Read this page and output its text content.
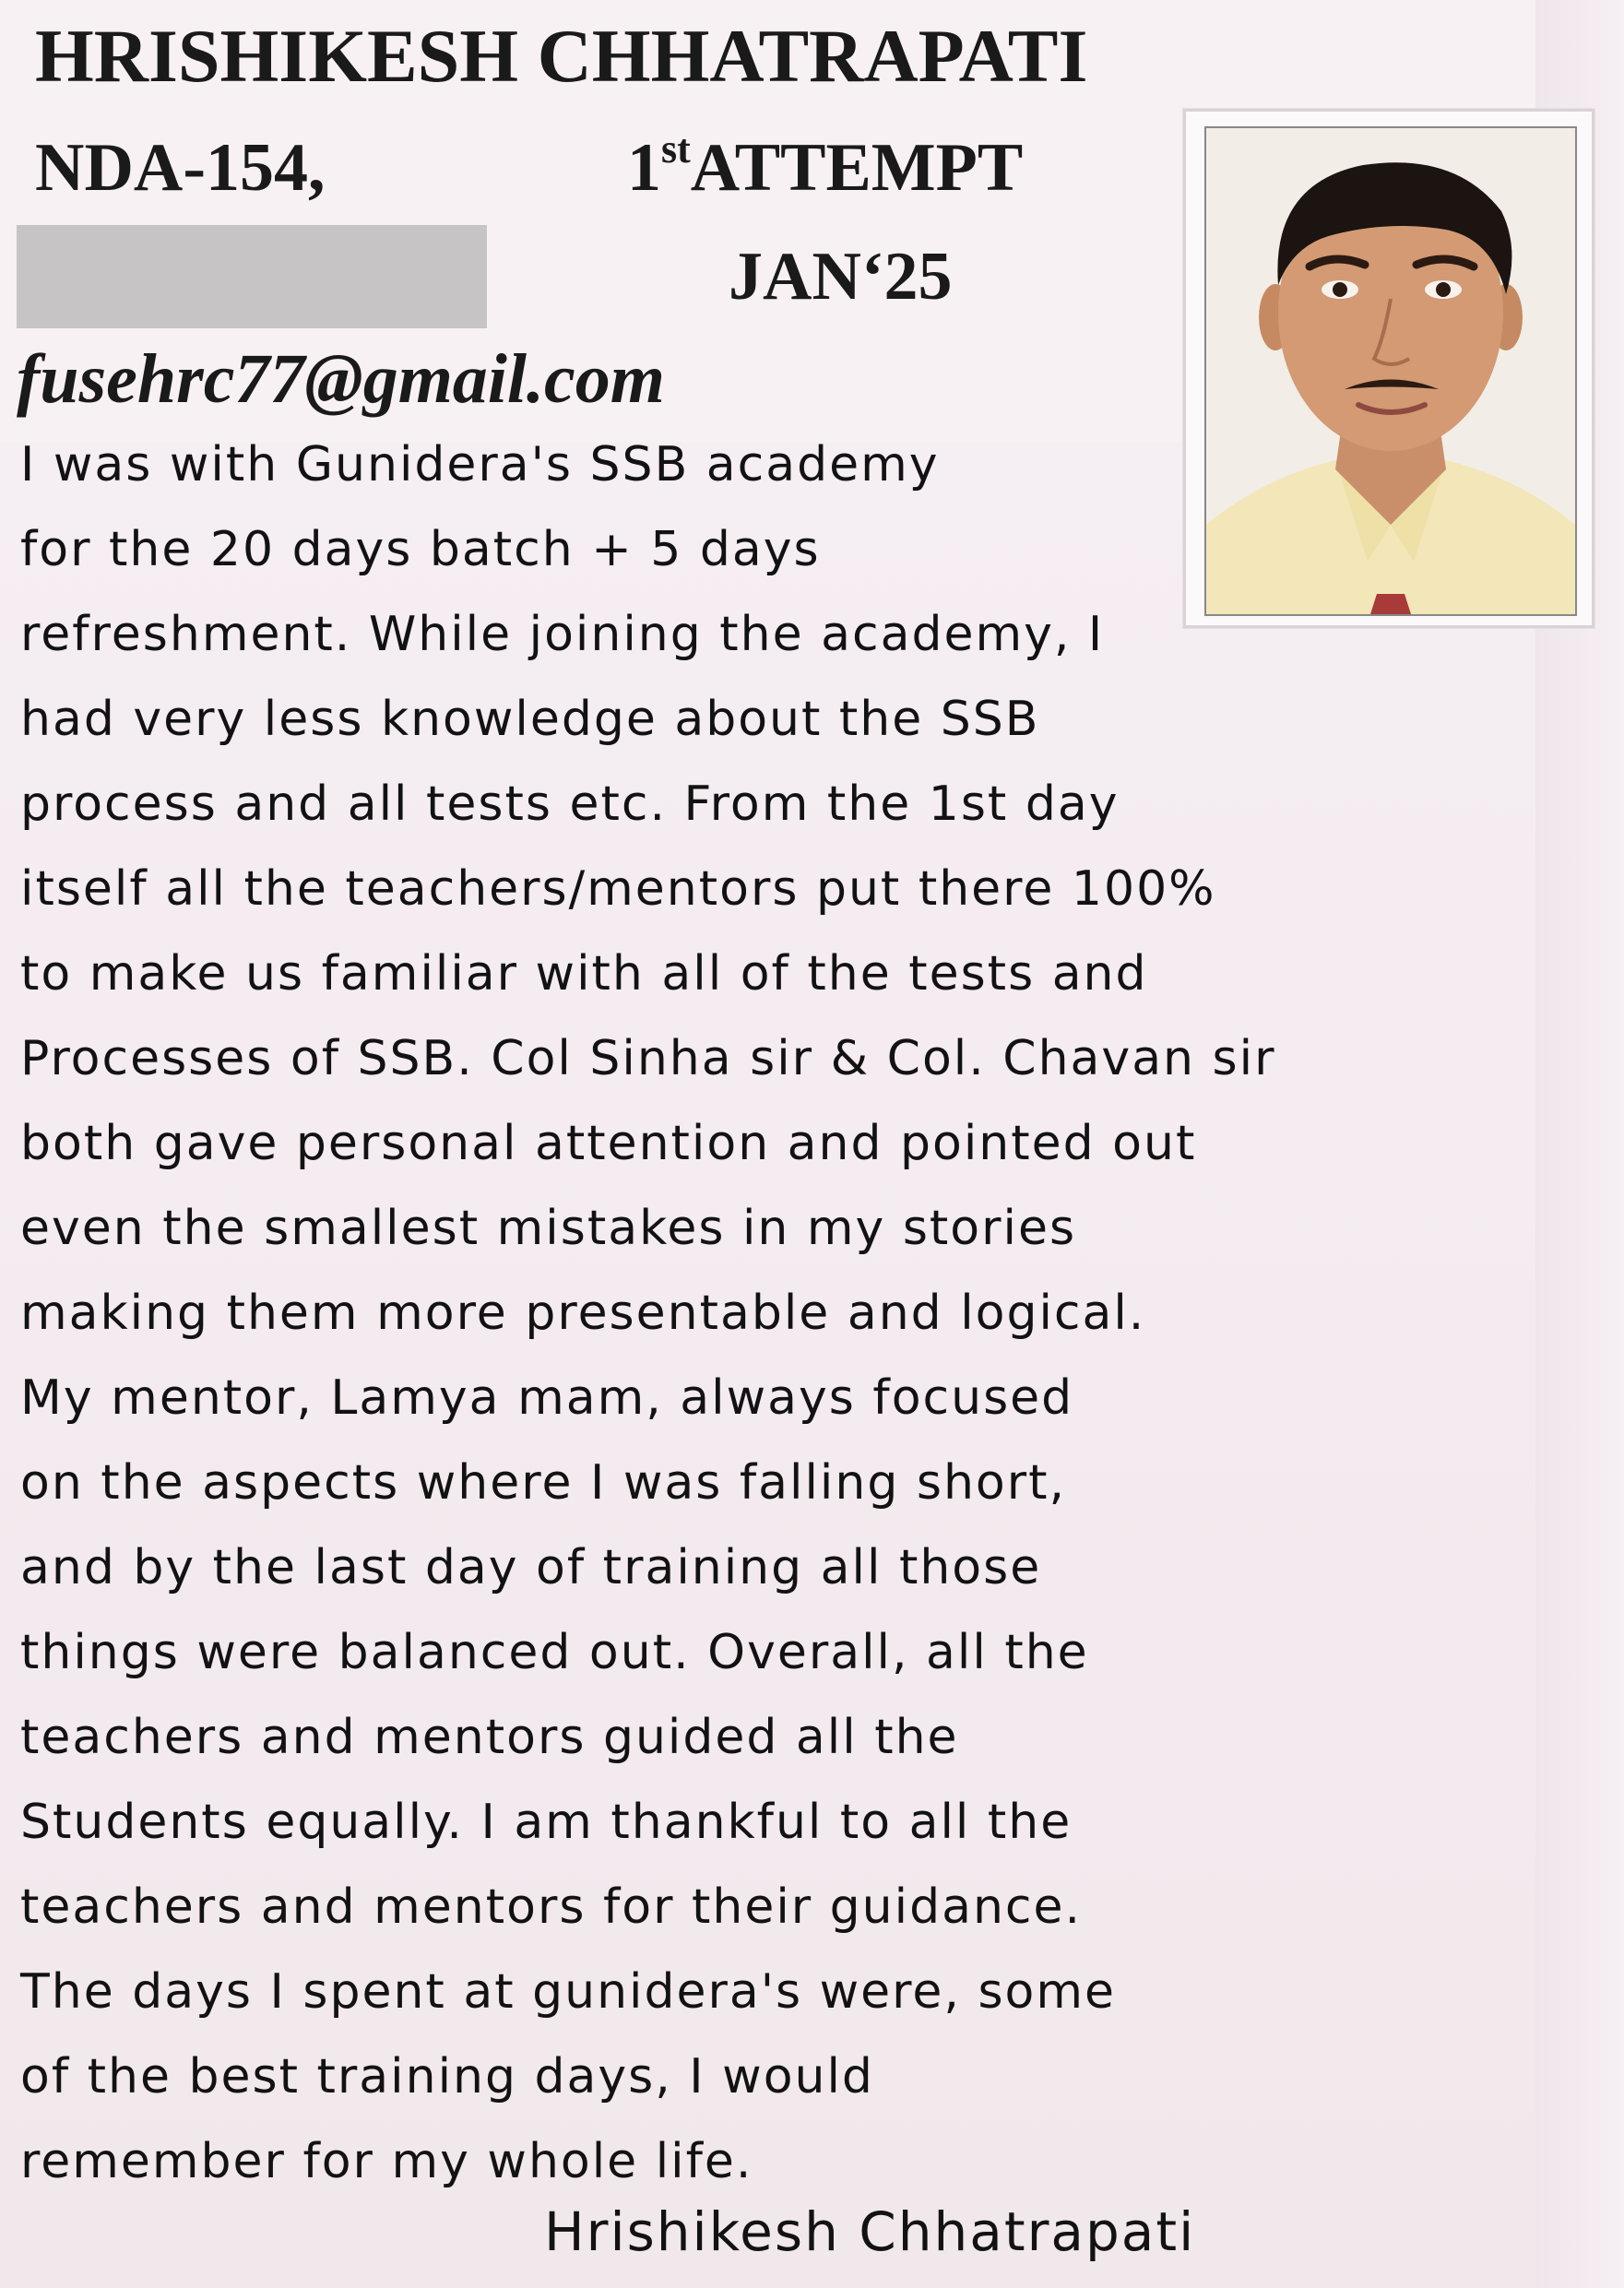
HRISHIKESH CHHATRAPATI
NDA-154,	1stATTEMPT
JAN‘25
fusehrc77@gmail.com
I was with Gunidera's SSB academy
for the 20 days batch + 5 days
refreshment. While joining the academy, I
had very less knowledge about the SSB
process and all tests etc. From the 1st day
itself all the teachers/mentors put there 100%
to make us familiar with all of the tests and
Processes of SSB. Col Sinha sir & Col. Chavan sir
both gave personal attention and pointed out
even the smallest mistakes in my stories
making them more presentable and logical.
My mentor, Lamya mam, always focused
on the aspects where I was falling short,
and by the last day of training all those
things were balanced out. Overall, all the
teachers and mentors guided all the
Students equally. I am thankful to all the
teachers and mentors for their guidance.
The days I spent at gunidera's were, some
of the best training days, I would
remember for my whole life.
Hrishikesh Chhatrapati
